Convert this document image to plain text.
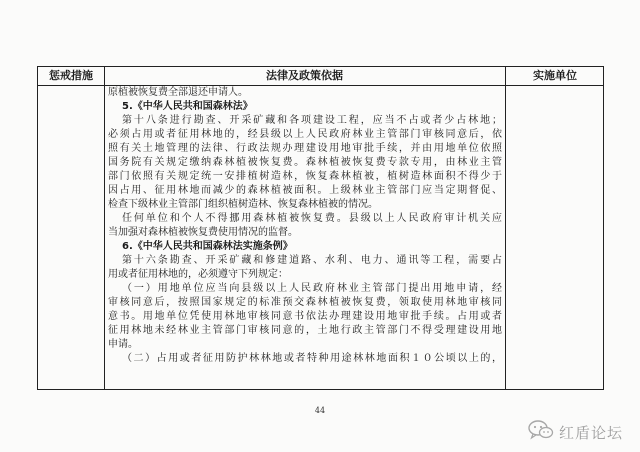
惩戒措施	法律及政策依据	实施单位
原植被恢复费全部退还申请人。
5.《中华人民共和国森林法》
第十八条进行勘查、开采矿藏和各项建设工程，应当不占或者少占林地；
必须占用或者征用林地的，经县级以上人民政府林业主管部门审核同意后，依
照有关土地管理的法律、行政法规办理建设用地审批手续，并由用地单位依照
国务院有关规定缴纳森林植被恢复费。森林植被恢复费专款专用，由林业主管
部门依照有关规定统一安排植树造林，恢复森林植被，植树造林面积不得少于
因占用、征用林地而减少的森林植被面积。上级林业主管部门应当定期督促、
检查下级林业主管部门组织植树造林、恢复森林植被的情况。
任何单位和个人不得挪用森林植被恢复费。县级以上人民政府审计机关应
当加强对森林植被恢复费使用情况的监督。
6.《中华人民共和国森林法实施条例》
第十六条勘查、开采矿藏和修建道路、水利、电力、通讯等工程，需要占
用或者征用林地的，必须遵守下列规定：
（一）用地单位应当向县级以上人民政府林业主管部门提出用地申请，经
审核同意后，按照国家规定的标准预交森林植被恢复费，领取使用林地审核同
意书。用地单位凭使用林地审核同意书依法办理建设用地审批手续。占用或者
征用林地未经林业主管部门审核同意的，土地行政主管部门不得受理建设用地
申请。
（二）占用或者征用防护林林地或者特种用途林林地面积１０公顷以上的，
44
红盾论坛
